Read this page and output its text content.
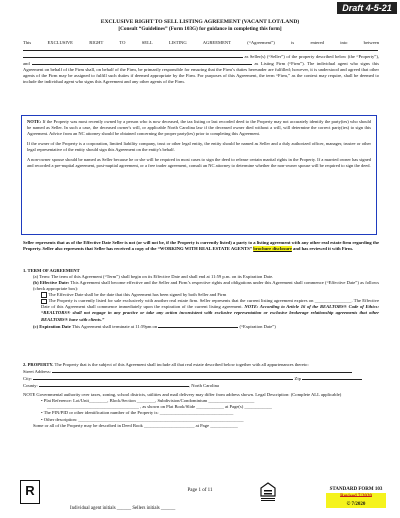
Draft 4-5-21
EXCLUSIVE RIGHT TO SELL LISTING AGREEMENT (VACANT LOT/LAND)
[Consult “Guidelines” (Form 103G) for guidance in completing this form]
This EXCLUSIVE RIGHT TO SELL LISTING AGREEMENT (“Agreement”) is entered into between   as Seller(s) (“Seller”) of the property described below (the “Property”), and	as Listing Firm (“Firm”). The individual agent who signs this Agreement on behalf of the Firm shall, on behalf of the Firm, be primarily responsible for ensuring that the Firm’s duties hereunder are fulfilled; however, it is understood and agreed that other agents of the Firm may be assigned to fulfill such duties if deemed appropriate by the Firm. For purposes of this Agreement, the term “Firm,” as the context may require, shall be deemed to include the individual agent who signs this Agreement and any other agents of the Firm.

NOTE: If the Property was most recently owned by a person who is now deceased, the tax listing or last recorded deed to the Property may not accurately identify the party(ies) who should be named as Seller. In such a case, the deceased owner's will, or applicable North Carolina law if the deceased owner died without a will, will determine the correct party(ies) to sign this Agreement. Advice from an NC attorney should be obtained concerning the proper party(ies) prior to completing this Agreement.

If the owner of the Property is a corporation, limited liability company, trust or other legal entity, the entity should be named as Seller and a duly authorized officer, manager, trustee or other legal representative of the entity should sign this Agreement on the entity's behalf.

A non-owner spouse should be named as Seller because he or she will be required in most cases to sign the deed to release certain marital rights in the Property. If a married owner has signed and recorded a pre-nuptial agreement, post-nuptial agreement, or a free trader agreement, consult an NC attorney to determine whether the non-owner spouse will be required to sign the deed.

Seller represents that as of the Effective Date Seller is not (or will not be, if the Property is currently listed) a party to a listing agreement with any other real estate firm regarding the Property. Seller also represents that Seller has received a copy of the “WORKING WITH REAL ESTATE AGENTS” brochure disclosure and has reviewed it with Firm.
1. TERM OF AGREEMENT
(a) Term: The term of this Agreement (“Term”) shall begin on its Effective Date and shall end at 11:59 p.m. on its Expiration Date.
(b) Effective Date: This Agreement shall become effective and the Seller and Firm’s respective rights and obligations under this Agreement shall commence (“Effective Date”) as follows (check appropriate box):
The Effective Date shall be the date that this Agreement has been signed by both Seller and Firm
The Property is currently listed for sale exclusively with another real estate firm. Seller represents that the current listing agreement expires on ________________. The Effective Date of this Agreement shall commence immediately upon the expiration of the current listing agreement. NOTE: According to Article 16 of the REALTORS® Code of Ethics: “REALTORS® shall not engage in any practice or take any action inconsistent with exclusive representation or exclusive brokerage relationship agreements that other REALTORS® have with clients.”
(c) Expiration Date This Agreement shall terminate at 11:59pm on	(“Expiration Date”)
2. PROPERTY. The Property that is the subject of this Agreement shall include all that real estate described below together with all appurtenances thereto:
Street Address:
City:	Zip
County:	, North Carolina
NOTE Governmental authority over taxes, zoning, school districts, utilities and mail delivery may differ from address shown. Legal Description: (Complete ALL applicable)
• Plat Reference: Lot/Unit________, Block/Section ________, Subdivision/Condominium ____________________
________________________________________ , as shown on Plat Book/Slide ____________ at Page(s) ____________
• The PIN/PID or other identification number of the Property is: ________________________________
• Other description: ________________________________________________________________________
Some or all of the Property may be described in Deed Book ______________________ at Page ____________
R	Page 1 of 11	STANDARD FORM 103
Revised 7/2020
© 7/2020
Individual agent initials ______ Sellers initials ______
